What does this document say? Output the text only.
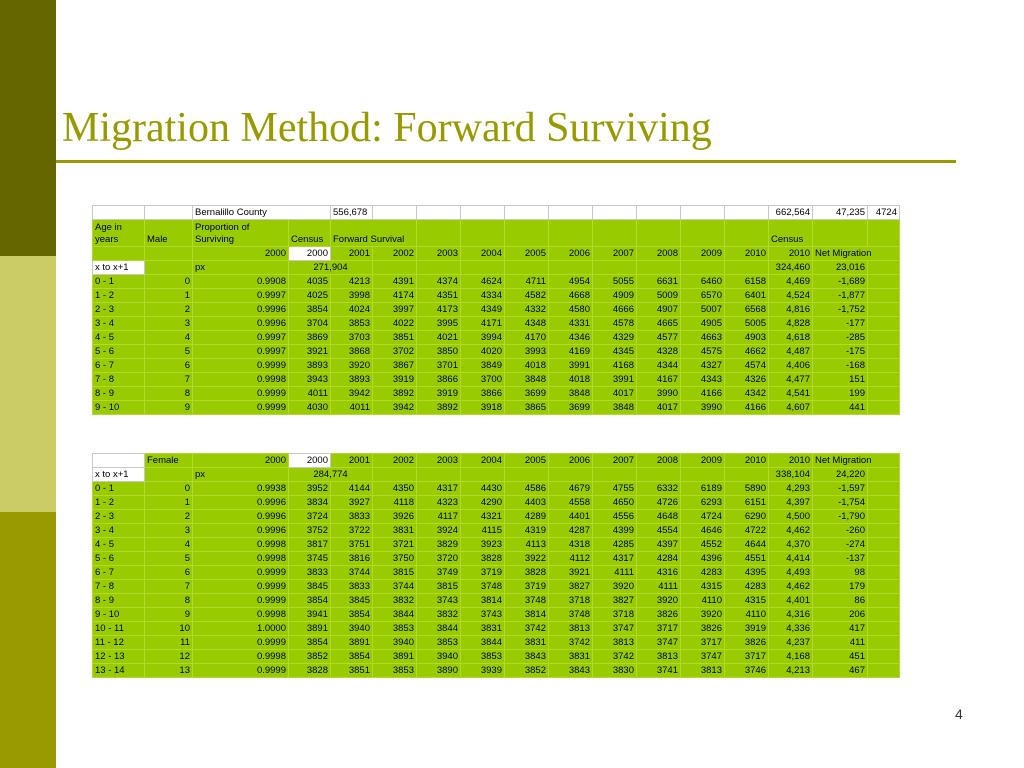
Migration Method: Forward Surviving
		Bernalillo County		556,678										662,564	47,235	4724
Age in years	Male	Proportion of Surviving	Census	Forward Survival										Census		
		2000	2000	2001	2002	2003	2004	2005	2006	2007	2008	2009	2010	2010	Net Migration	
x to x+1		px	271,904											324,460	23,016	
0 - 1	0	0.9908	4035	4213	4391	4374	4624	4711	4954	5055	6631	6460	6158	4,469	-1,689	
1 - 2	1	0.9997	4025	3998	4174	4351	4334	4582	4668	4909	5009	6570	6401	4,524	-1,877	
2 - 3	2	0.9996	3854	4024	3997	4173	4349	4332	4580	4666	4907	5007	6568	4,816	-1,752	
3 - 4	3	0.9996	3704	3853	4022	3995	4171	4348	4331	4578	4665	4905	5005	4,828	-177	
4 - 5	4	0.9997	3869	3703	3851	4021	3994	4170	4346	4329	4577	4663	4903	4,618	-285	
5 - 6	5	0.9997	3921	3868	3702	3850	4020	3993	4169	4345	4328	4575	4662	4,487	-175	
6 - 7	6	0.9999	3893	3920	3867	3701	3849	4018	3991	4168	4344	4327	4574	4,406	-168	
7 - 8	7	0.9998	3943	3893	3919	3866	3700	3848	4018	3991	4167	4343	4326	4,477	151	
8 - 9	8	0.9999	4011	3942	3892	3919	3866	3699	3848	4017	3990	4166	4342	4,541	199	
9 - 10	9	0.9999	4030	4011	3942	3892	3918	3865	3699	3848	4017	3990	4166	4,607	441	
	Female	2000	2000	2001	2002	2003	2004	2005	2006	2007	2008	2009	2010	2010	Net Migration	
x to x+1		px	284,774											338,104	24,220	
0 - 1	0	0.9938	3952	4144	4350	4317	4430	4586	4679	4755	6332	6189	5890	4,293	-1,597	
1 - 2	1	0.9996	3834	3927	4118	4323	4290	4403	4558	4650	4726	6293	6151	4,397	-1,754	
2 - 3	2	0.9996	3724	3833	3926	4117	4321	4289	4401	4556	4648	4724	6290	4,500	-1,790	
3 - 4	3	0.9996	3752	3722	3831	3924	4115	4319	4287	4399	4554	4646	4722	4,462	-260	
4 - 5	4	0.9998	3817	3751	3721	3829	3923	4113	4318	4285	4397	4552	4644	4,370	-274	
5 - 6	5	0.9998	3745	3816	3750	3720	3828	3922	4112	4317	4284	4396	4551	4,414	-137	
6 - 7	6	0.9999	3833	3744	3815	3749	3719	3828	3921	4111	4316	4283	4395	4,493	98	
7 - 8	7	0.9999	3845	3833	3744	3815	3748	3719	3827	3920	4111	4315	4283	4,462	179	
8 - 9	8	0.9999	3854	3845	3832	3743	3814	3748	3718	3827	3920	4110	4315	4,401	86	
9 - 10	9	0.9998	3941	3854	3844	3832	3743	3814	3748	3718	3826	3920	4110	4,316	206	
10 - 11	10	1.0000	3891	3940	3853	3844	3831	3742	3813	3747	3717	3826	3919	4,336	417	
11 - 12	11	0.9999	3854	3891	3940	3853	3844	3831	3742	3813	3747	3717	3826	4,237	411	
12 - 13	12	0.9998	3852	3854	3891	3940	3853	3843	3831	3742	3813	3747	3717	4,168	451	
13 - 14	13	0.9999	3828	3851	3853	3890	3939	3852	3843	3830	3741	3813	3746	4,213	467	
4
